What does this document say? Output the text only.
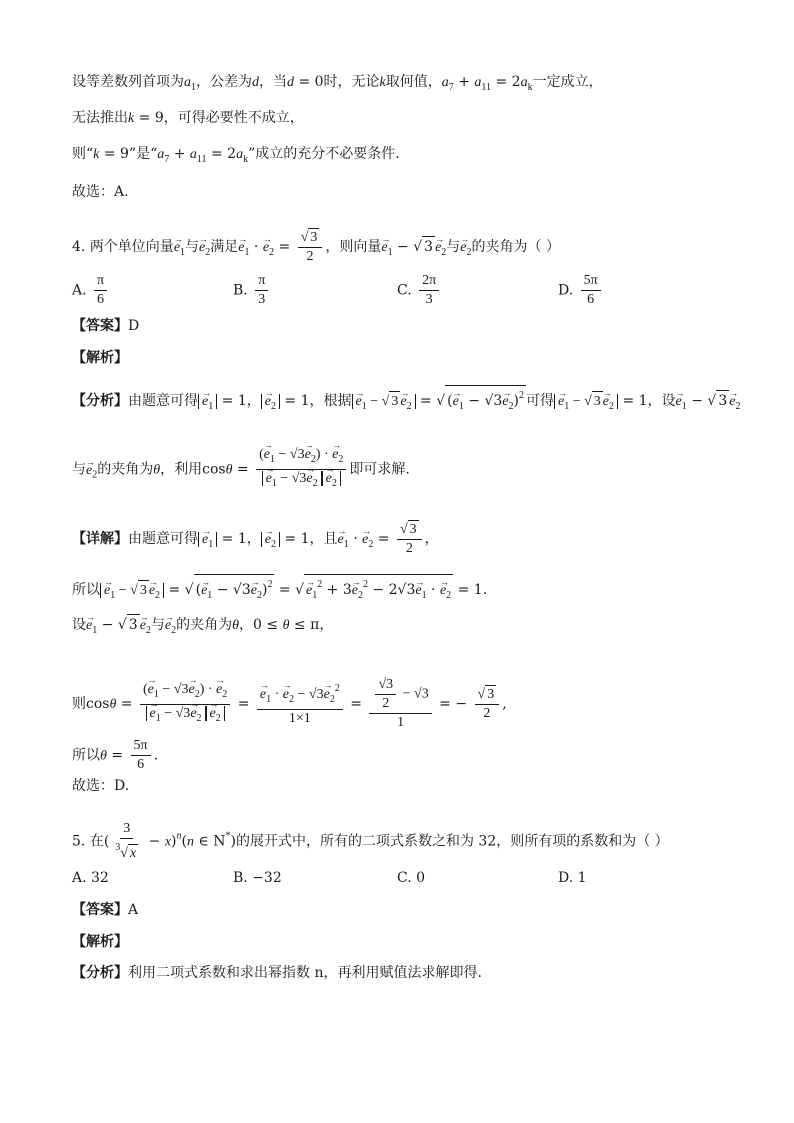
设等差数列首项为$a_1$，公差为d，当d = 0时，无论k取何值，$a_7 + a_{11} = 2a_k$一定成立，
无法推出k = 9，可得必要性不成立，
则“k = 9”是“$a_7 + a_{11} = 2a_k$”成立的充分不必要条件.
故选：A.
4. 两个单位向量→ $e_1$与→ $e_2$满足→ $e_1$ · → $e_2 = \frac{√ 3}{2}$ ，则向量→ $e_1$ − √ $3 \to e_2$与→ $e_2$的夹角为（ ）
A. $\frac{\pi}{6}$	B. $\frac{\pi}{3}$	C. $\frac{2\pi}{3}$	D. $\frac{5\pi}{6}$
【答案】D
【解析】
【分析】由题意可得 → $e_1 = 1$， → $e_2 = 1$，根据 → $e_1$ − √ $3 \to e_2$ = √ (→ $e_1 - √3\to e_2)^2$ 可得 → $e_1$ − √ $3 \to e_2 = 1$，设→ $e_1$ − √ $3 \to e_2$
与→ $e_2$的夹角为θ，利用cosθ = (→ $e_1 - √3\to e_2$) · → $e_2$
→ $e_1 - √3\to e_2 \to e_2$ 即可求解.
【详解】由题意可得 → $e_1 = 1$， → $e_2 = 1$，且→ $e_1$ · → $e_2 = \frac{√ 3}{2}$ ，
所以 → $e_1$ − √ $3 \to e_2$ = √ (→ $e_1 - √3\to e_2)^2$ = √ → $e_1^2 + 3\to e_2^2 - 2√3\to e_1$ · → $e_2 = 1$.
设→ $e_1$ − √ $3 \to e_2$与→ $e_2$的夹角为θ，0 ≤ θ ≤ π，
则cosθ = (→ $e_1 - √3\to e_2$) · → $e_2$
→ $e_1 - √3\to e_2 \to e_2$ = → $\frac{e_1 \cdot \to e_2 - √3\to e_2^2}{1\times 1} = \frac{\frac{√3}{2} - √3}{1}$ = − $\frac{√ 3}{2}$ ,
所以$\theta = \frac{5\pi}{6}$ .
故选：D.
5. 在( $\frac{3}{^3√ x} - x)^n(n$ ∈ N*)的展开式中，所有的二项式系数之和为 32，则所有项的系数和为（ ）
A. 32	B. −32	C. 0	D. 1
【答案】A
【解析】
【分析】利用二项式系数和求出幂指数 n，再利用赋值法求解即得.
